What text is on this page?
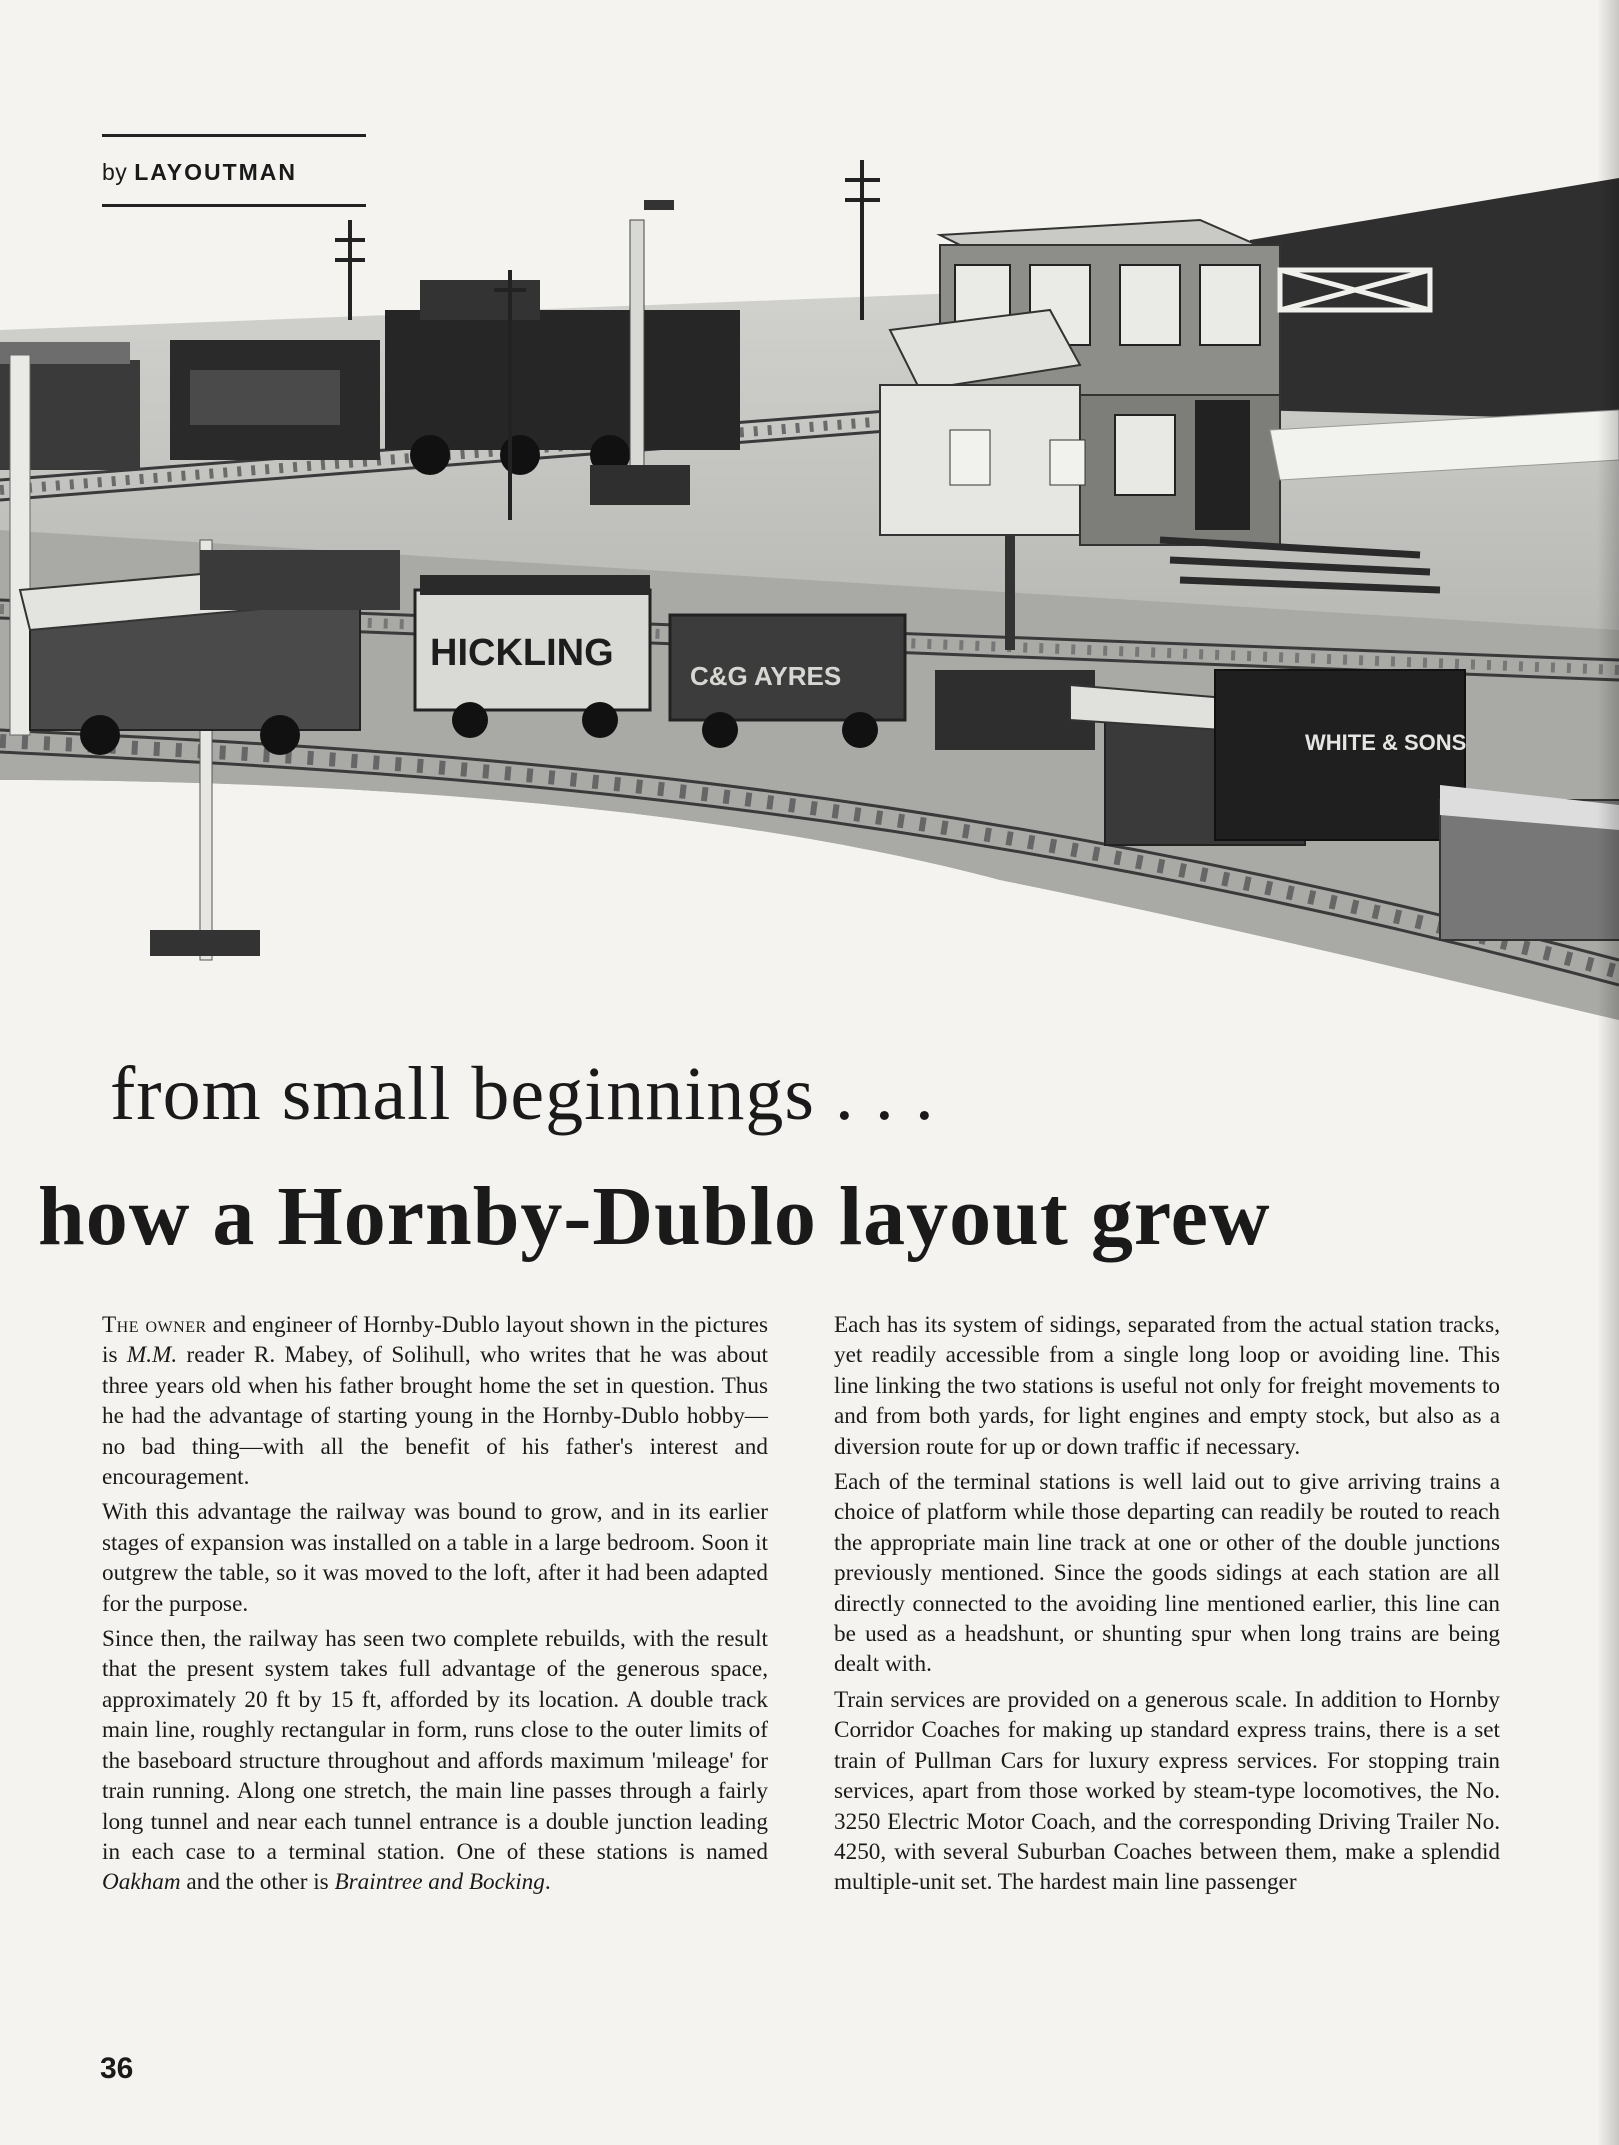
by LAYOUTMAN
HICKLING
C&G AYRES
WHITE & SONS
from small beginnings . . .
how a Hornby-Dublo layout grew

The owner and engineer of Hornby-Dublo layout shown in the pictures is M.M. reader R. Mabey, of Solihull, who writes that he was about three years old when his father brought home the set in question. Thus he had the advantage of starting young in the Hornby-Dublo hobby—no bad thing—with all the benefit of his father's interest and encouragement.

With this advantage the railway was bound to grow, and in its earlier stages of expansion was installed on a table in a large bedroom. Soon it outgrew the table, so it was moved to the loft, after it had been adapted for the purpose.

Since then, the railway has seen two complete rebuilds, with the result that the present system takes full advantage of the generous space, approximately 20 ft by 15 ft, afforded by its location. A double track main line, roughly rectangular in form, runs close to the outer limits of the baseboard structure throughout and affords maximum 'mileage' for train running. Along one stretch, the main line passes through a fairly long tunnel and near each tunnel entrance is a double junction leading in each case to a terminal station. One of these stations is named Oakham and the other is Braintree and Bocking.

Each has its system of sidings, separated from the actual station tracks, yet readily accessible from a single long loop or avoiding line. This line linking the two stations is useful not only for freight movements to and from both yards, for light engines and empty stock, but also as a diversion route for up or down traffic if necessary.

Each of the terminal stations is well laid out to give arriving trains a choice of platform while those departing can readily be routed to reach the appropriate main line track at one or other of the double junctions previously mentioned. Since the goods sidings at each station are all directly connected to the avoiding line mentioned earlier, this line can be used as a headshunt, or shunting spur when long trains are being dealt with.

Train services are provided on a generous scale. In addition to Hornby Corridor Coaches for making up standard express trains, there is a set train of Pullman Cars for luxury express services. For stopping train services, apart from those worked by steam-type locomotives, the No. 3250 Electric Motor Coach, and the corresponding Driving Trailer No. 4250, with several Suburban Coaches between them, make a splendid multiple-unit set. The hardest main line passenger

36
